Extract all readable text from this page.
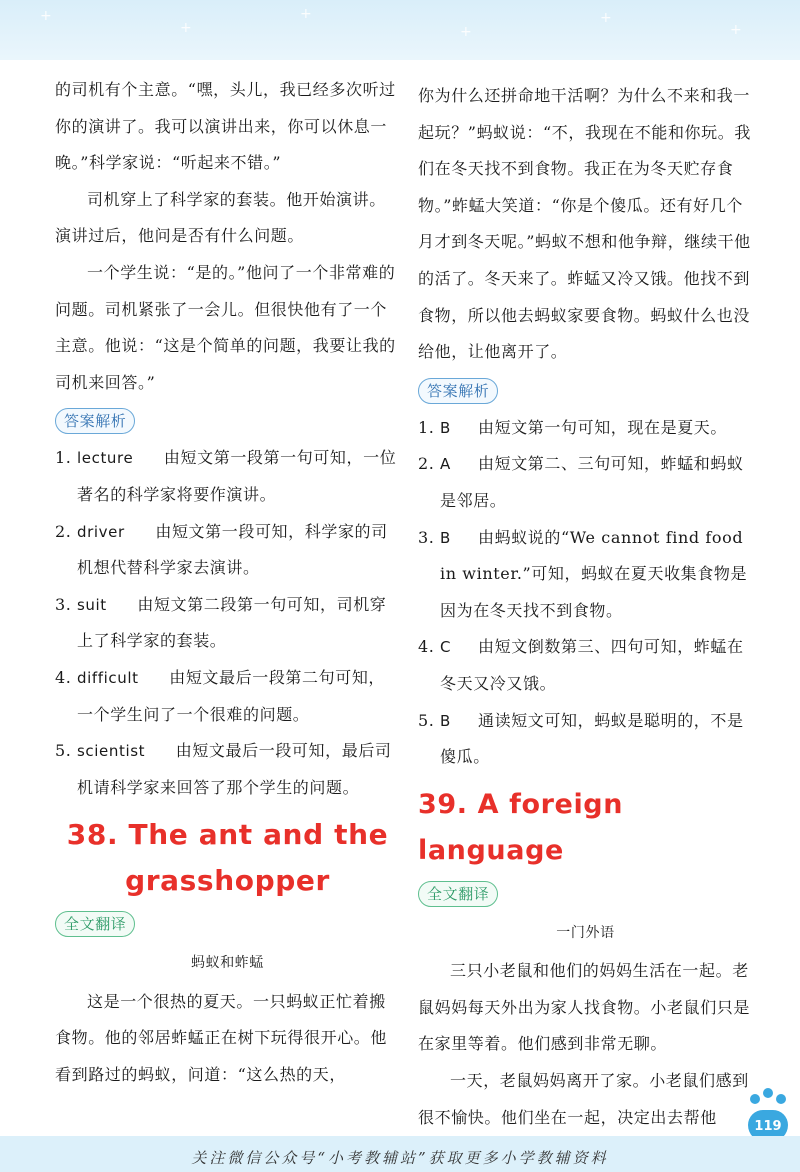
+
+
+
+
+
+

的司机有个主意。“嘿，头儿，我已经多次听过你的演讲了。我可以演讲出来，你可以休息一晚。”科学家说：“听起来不错。”

司机穿上了科学家的套装。他开始演讲。演讲过后，他问是否有什么问题。

一个学生说：“是的。”他问了一个非常难的问题。司机紧张了一会儿。但很快他有了一个主意。他说：“这是个简单的问题，我要让我的司机来回答。”

答案解析
1. lecture　 由短文第一段第一句可知，一位著名的科学家将要作演讲。
2. driver　 由短文第一段可知，科学家的司机想代替科学家去演讲。
3. suit　 由短文第二段第一句可知，司机穿上了科学家的套装。
4. difficult　 由短文最后一段第二句可知，一个学生问了一个很难的问题。
5. scientist　 由短文最后一段可知，最后司机请科学家来回答了那个学生的问题。
38. The ant and the grasshopper
全文翻译

蚂蚁和蚱蜢

这是一个很热的夏天。一只蚂蚁正忙着搬食物。他的邻居蚱蜢正在树下玩得很开心。他看到路过的蚂蚁，问道：“这么热的天，

你为什么还拼命地干活啊？为什么不来和我一起玩？”蚂蚁说：“不，我现在不能和你玩。我们在冬天找不到食物。我正在为冬天贮存食物。”蚱蜢大笑道：“你是个傻瓜。还有好几个月才到冬天呢。”蚂蚁不想和他争辩，继续干他的活了。冬天来了。蚱蜢又冷又饿。他找不到食物，所以他去蚂蚁家要食物。蚂蚁什么也没给他，让他离开了。

答案解析
1. B 由短文第一句可知，现在是夏天。
2. A 由短文第二、三句可知，蚱蜢和蚂蚁是邻居。
3. B 由蚂蚁说的“We cannot find food in winter.”可知，蚂蚁在夏天收集食物是因为在冬天找不到食物。
4. C 由短文倒数第三、四句可知，蚱蜢在冬天又冷又饿。
5. B 通读短文可知，蚂蚁是聪明的，不是傻瓜。
39. A foreign language
全文翻译

一门外语

三只小老鼠和他们的妈妈生活在一起。老鼠妈妈每天外出为家人找食物。小老鼠们只是在家里等着。他们感到非常无聊。

一天，老鼠妈妈离开了家。小老鼠们感到很不愉快。他们坐在一起，决定出去帮他	119
关注微信公众号“小考教辅站”获取更多小学教辅资料
